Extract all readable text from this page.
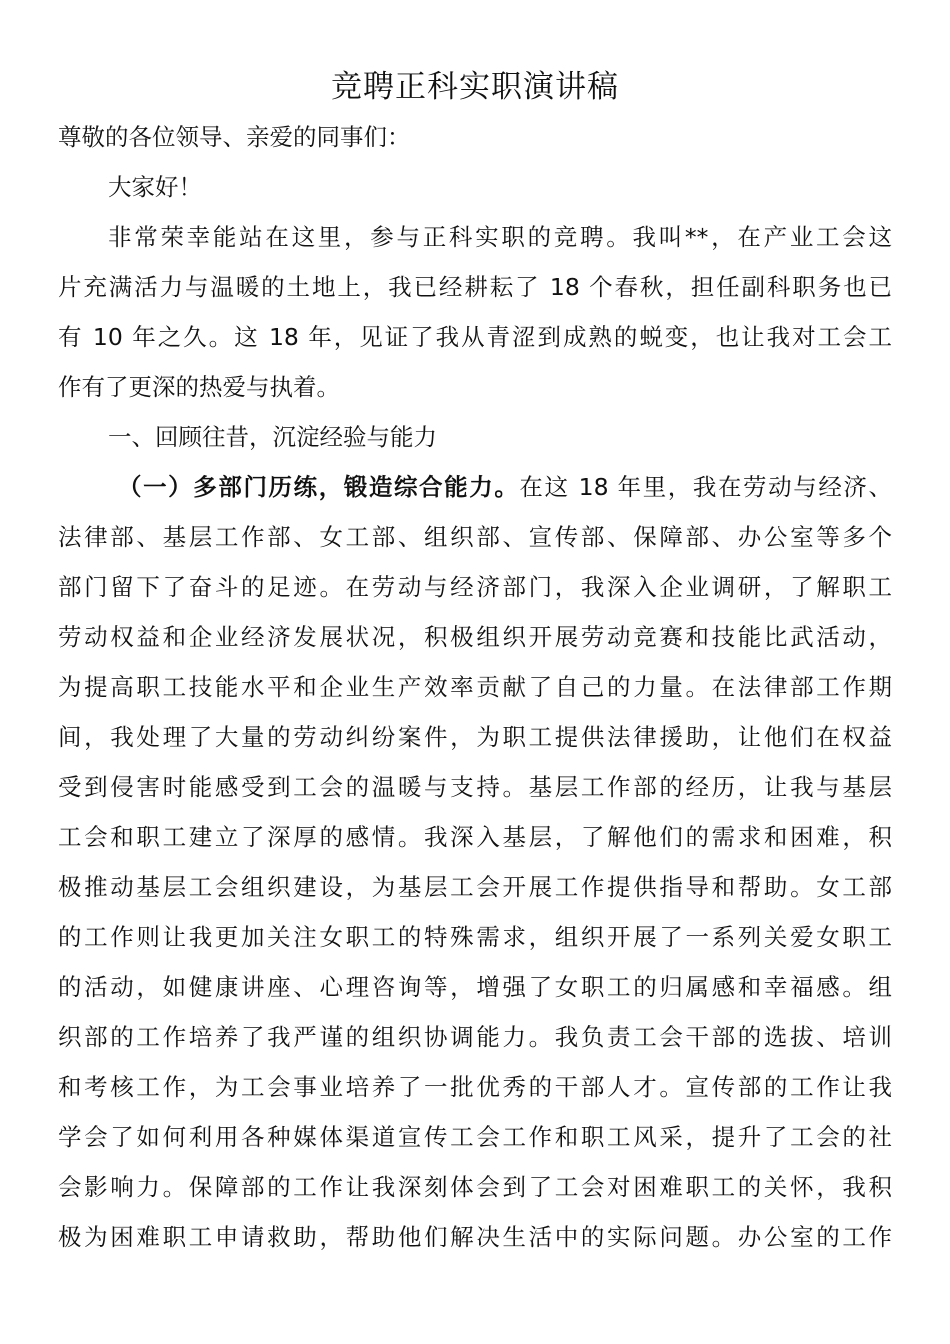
竞聘正科实职演讲稿
尊敬的各位领导、亲爱的同事们：
大家好！
非常荣幸能站在这里，参与正科实职的竞聘。我叫**，在产业工会这
片充满活力与温暖的土地上，我已经耕耘了 18 个春秋，担任副科职务也已
有 10 年之久。这 18 年，见证了我从青涩到成熟的蜕变，也让我对工会工
作有了更深的热爱与执着。
一、回顾往昔，沉淀经验与能力
（一）多部门历练，锻造综合能力。在这 18 年里，我在劳动与经济、
法律部、基层工作部、女工部、组织部、宣传部、保障部、办公室等多个
部门留下了奋斗的足迹。在劳动与经济部门，我深入企业调研，了解职工
劳动权益和企业经济发展状况，积极组织开展劳动竞赛和技能比武活动，
为提高职工技能水平和企业生产效率贡献了自己的力量。在法律部工作期
间，我处理了大量的劳动纠纷案件，为职工提供法律援助，让他们在权益
受到侵害时能感受到工会的温暖与支持。基层工作部的经历，让我与基层
工会和职工建立了深厚的感情。我深入基层，了解他们的需求和困难，积
极推动基层工会组织建设，为基层工会开展工作提供指导和帮助。女工部
的工作则让我更加关注女职工的特殊需求，组织开展了一系列关爱女职工
的活动，如健康讲座、心理咨询等，增强了女职工的归属感和幸福感。组
织部的工作培养了我严谨的组织协调能力。我负责工会干部的选拔、培训
和考核工作，为工会事业培养了一批优秀的干部人才。宣传部的工作让我
学会了如何利用各种媒体渠道宣传工会工作和职工风采，提升了工会的社
会影响力。保障部的工作让我深刻体会到了工会对困难职工的关怀，我积
极为困难职工申请救助，帮助他们解决生活中的实际问题。办公室的工作
